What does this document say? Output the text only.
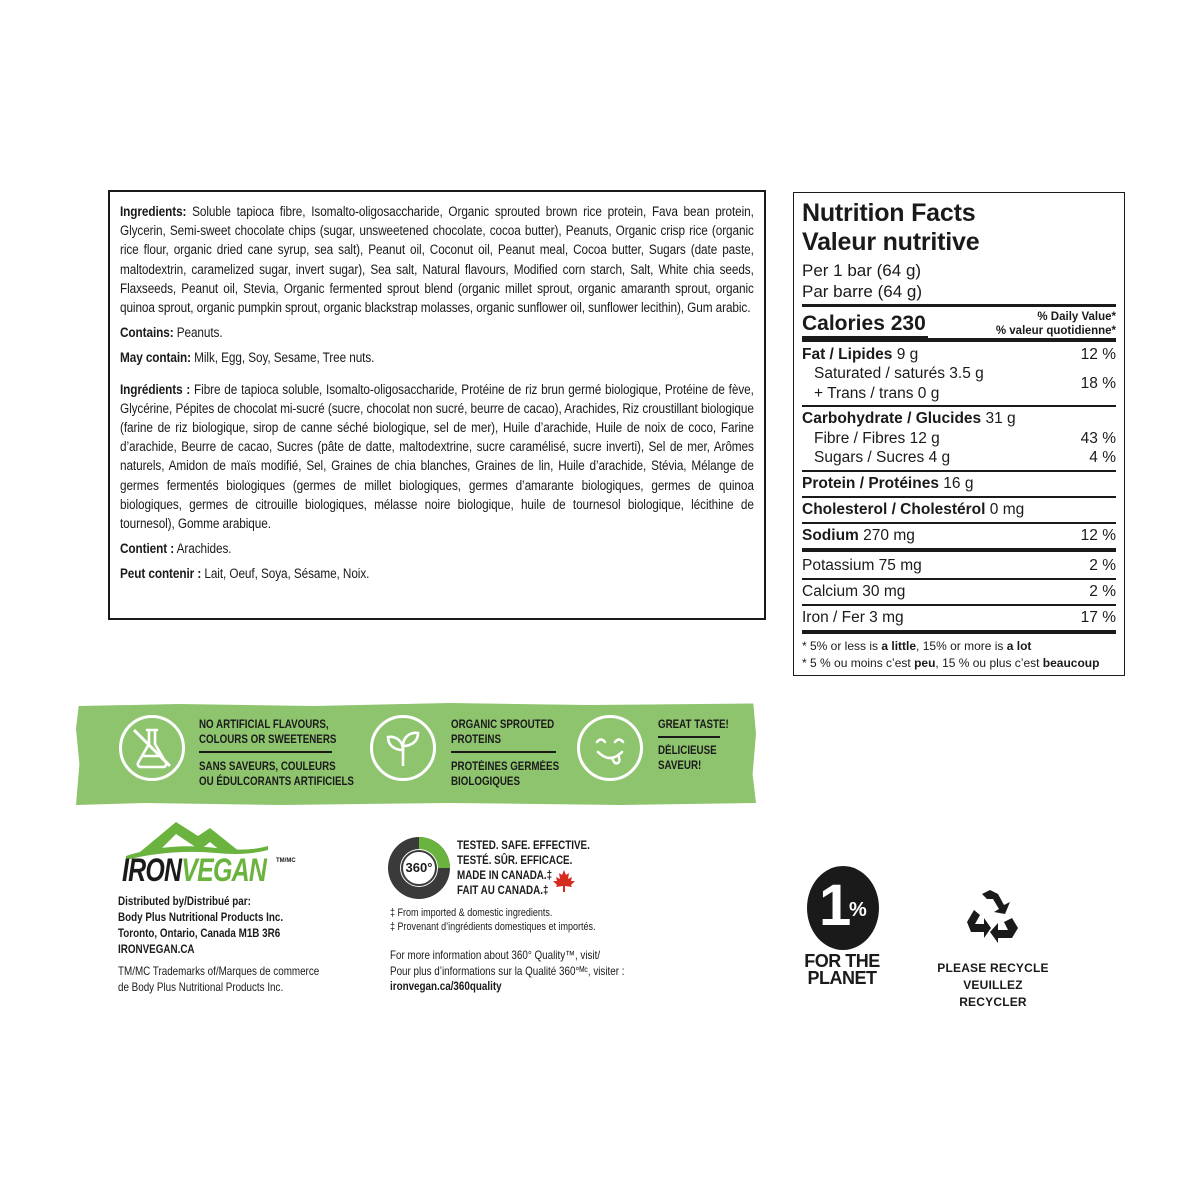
Ingredients: Soluble tapioca fibre, Isomalto-oligosaccharide, Organic sprouted brown rice protein, Fava bean protein, Glycerin, Semi-sweet chocolate chips (sugar, unsweetened chocolate, cocoa butter), Peanuts, Organic crisp rice (organic rice flour, organic dried cane syrup, sea salt), Peanut oil, Coconut oil, Peanut meal, Cocoa butter, Sugars (date paste, maltodextrin, caramelized sugar, invert sugar), Sea salt, Natural flavours, Modified corn starch, Salt, White chia seeds, Flaxseeds, Peanut oil, Stevia, Organic fermented sprout blend (organic millet sprout, organic amaranth sprout, organic quinoa sprout, organic pumpkin sprout, organic blackstrap molasses, organic sunflower oil, sunflower lecithin), Gum arabic.

Contains: Peanuts.

May contain: Milk, Egg, Soy, Sesame, Tree nuts.

Ingrédients : Fibre de tapioca soluble, Isomalto-oligosaccharide, Protéine de riz brun germé biologique, Protéine de fève, Glycérine, Pépites de chocolat mi-sucré (sucre, chocolat non sucré, beurre de cacao), Arachides, Riz croustillant biologique (farine de riz biologique, sirop de canne séché biologique, sel de mer), Huile d’arachide, Huile de noix de coco, Farine d’arachide, Beurre de cacao, Sucres (pâte de datte, maltodextrine, sucre caramélisé, sucre inverti), Sel de mer, Arômes naturels, Amidon de maïs modifié, Sel, Graines de chia blanches, Graines de lin, Huile d’arachide, Stévia, Mélange de germes fermentés biologiques (germes de millet biologiques, germes d’amarante biologiques, germes de quinoa biologiques, germes de citrouille biologiques, mélasse noire biologique, huile de tournesol biologique, lécithine de tournesol), Gomme arabique.

Contient : Arachides.

Peut contenir : Lait, Oeuf, Soya, Sésame, Noix.

Nutrition Facts
Valeur nutritive
Per 1 bar (64 g)
Par barre (64 g)
Calories 230	% Daily Value*
% valeur quotidienne*
Fat / Lipides 9 g	12 %
Saturated / saturés 3.5 g
18 %
+ Trans / trans 0 g
Carbohydrate / Glucides 31 g
Fibre / Fibres 12 g	43 %
Sugars / Sucres 4 g	4 %
Protein / Protéines 16 g
Cholesterol / Cholestérol 0 mg
Sodium 270 mg	12 %
Potassium 75 mg	2 %
Calcium 30 mg	2 %
Iron / Fer 3 mg	17 %
* 5% or less is a little, 15% or more is a lot
* 5 % ou moins c’est peu, 15 % ou plus c’est beaucoup
NO ARTIFICIAL FLAVOURS,
COLOURS OR SWEETENERS
SANS SAVEURS, COULEURS
OU ÉDULCORANTS ARTIFICIELS
ORGANIC SPROUTED
PROTEINS
PROTÉINES GERMÉES
BIOLOGIQUES
GREAT TASTE!
DÉLICIEUSE
SAVEUR!
IRONVEGAN TM/MC
Distributed by/Distribué par:
Body Plus Nutritional Products Inc.
Toronto, Ontario, Canada M1B 3R6
IRONVEGAN.CA
TM/MC Trademarks of/Marques de commerce
de Body Plus Nutritional Products Inc.
360°
TESTED. SAFE. EFFECTIVE.
TESTÉ. SÛR. EFFICACE.
MADE IN CANADA.‡
FAIT AU CANADA.‡
‡ From imported & domestic ingredients.
‡ Provenant d’ingrédients domestiques et importés.
For more information about 360° Quality™, visit/
Pour plus d’informations sur la Qualité 360°ᴹᶜ, visiter :
ironvegan.ca/360quality
1
%
FOR THE
PLANET	PLEASE RECYCLE
VEUILLEZ RECYCLER
